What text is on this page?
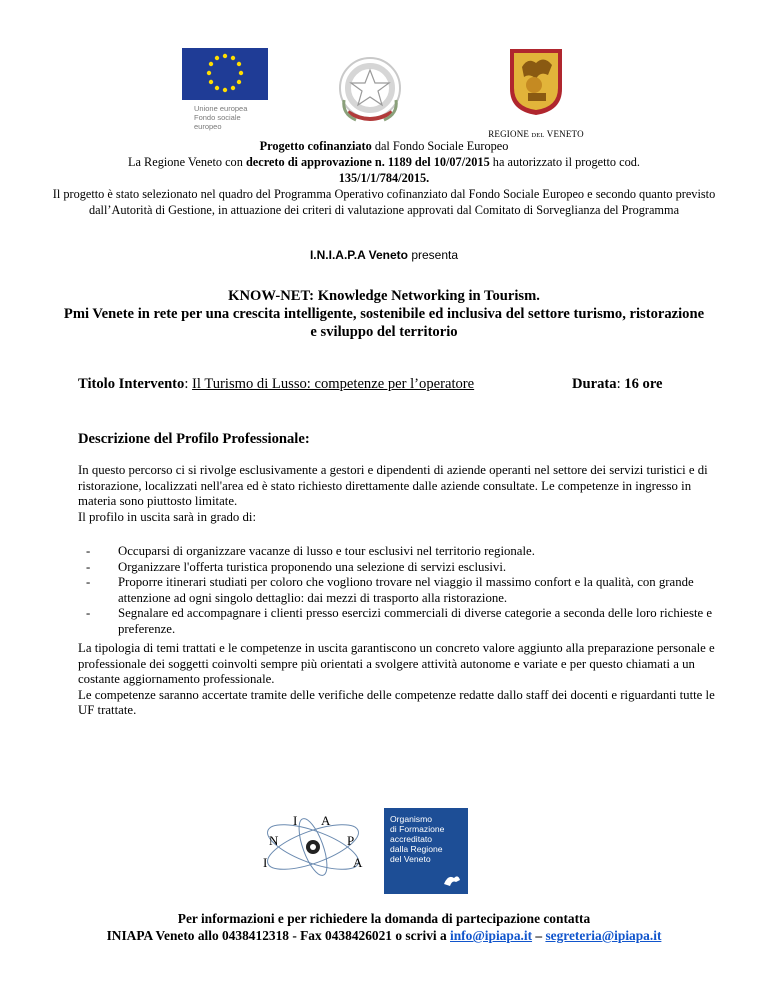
Unione europea
Fondo sociale europeo
REGIONE DEL VENETO
Progetto cofinanziato dal Fondo Sociale Europeo
La Regione Veneto con decreto di approvazione n. 1189 del 10/07/2015 ha autorizzato il progetto cod.
135/1/1/784/2015.
Il progetto è stato selezionato nel quadro del Programma Operativo cofinanziato dal Fondo Sociale Europeo e secondo quanto previsto dall’Autorità di Gestione, in attuazione dei criteri di valutazione approvati dal Comitato di Sorveglianza del Programma
I.N.I.A.P.A Veneto presenta
KNOW-NET: Knowledge Networking in Tourism.
Pmi Venete in rete per una crescita intelligente, sostenibile ed inclusiva del settore turismo, ristorazione e sviluppo del territorio
Titolo Intervento: Il Turismo di Lusso: competenze per l’operatore	Durata: 16 ore
Descrizione del Profilo Professionale:
In questo percorso ci si rivolge esclusivamente a gestori e dipendenti di aziende operanti nel settore dei servizi turistici e di ristorazione, localizzati nell'area ed è stato richiesto direttamente dalle aziende consultate. Le competenze in ingresso in materia sono piuttosto limitate.
Il profilo in uscita sarà in grado di:
- Occuparsi di organizzare vacanze di lusso e tour esclusivi nel territorio regionale.
- Organizzare l'offerta turistica proponendo una selezione di servizi esclusivi.
- Proporre itinerari studiati per coloro che vogliono trovare nel viaggio il massimo confort e la qualità, con grande attenzione ad ogni singolo dettaglio: dai mezzi di trasporto alla ristorazione.
- Segnalare ed accompagnare i clienti presso esercizi commerciali di diverse categorie a seconda delle loro richieste e preferenze.
La tipologia di temi trattati e le competenze in uscita garantiscono un concreto valore aggiunto alla preparazione personale e professionale dei soggetti coinvolti sempre più orientati a svolgere attività autonome e variate e per questo chiamati a un costante aggiornamento professionale.
Le competenze saranno accertate tramite delle verifiche delle competenze redatte dallo staff dei docenti e riguardanti tutte le UF trattate.
I A
N	P
I	A
Organismo
di Formazione
accreditato
dalla Regione
del Veneto
Per informazioni e per richiedere la domanda di partecipazione contatta
INIAPA Veneto allo 0438412318 - Fax 0438426021 o scrivi a info@ipiapa.it – segreteria@ipiapa.it
